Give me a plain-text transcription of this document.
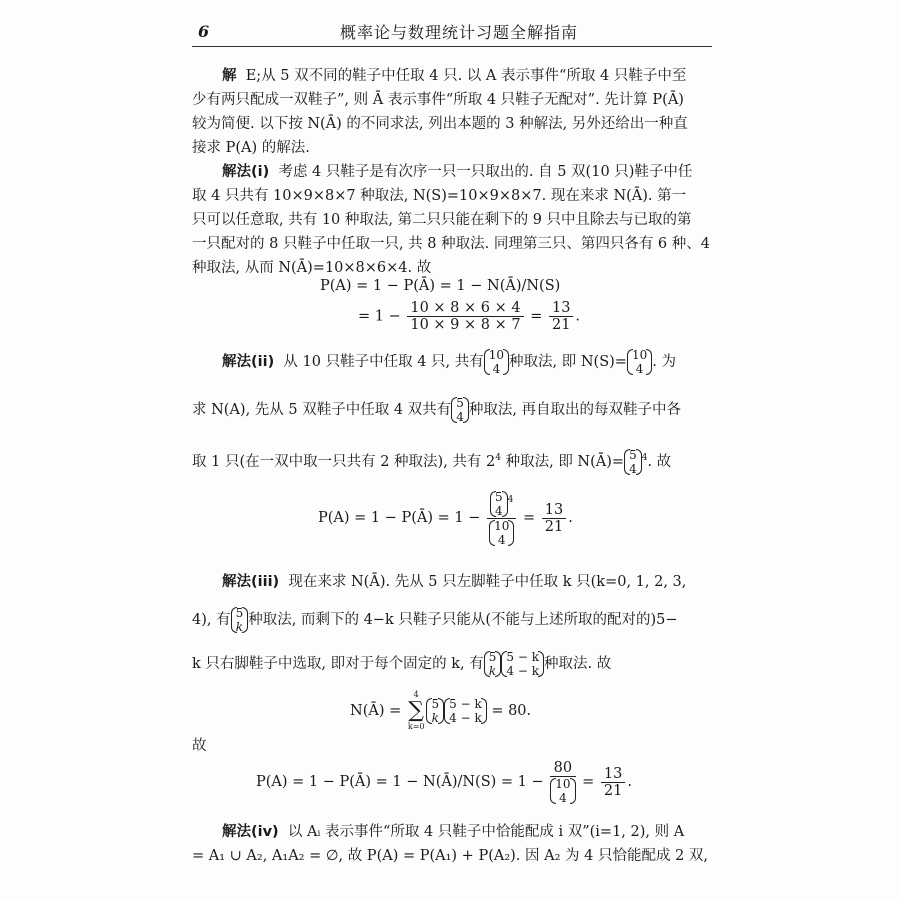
6	概率论与数理统计习题全解指南
解 E;从 5 双不同的鞋子中任取 4 只. 以 A 表示事件“所取 4 只鞋子中至
少有两只配成一双鞋子”, 则 Ā 表示事件“所取 4 只鞋子无配对”. 先计算 P(Ā)
较为简便. 以下按 N(Ā) 的不同求法, 列出本题的 3 种解法, 另外还给出一种直
接求 P(A) 的解法.
解法(i) 考虑 4 只鞋子是有次序一只一只取出的. 自 5 双(10 只)鞋子中任
取 4 只共有 10×9×8×7 种取法, N(S)=10×9×8×7. 现在来求 N(Ā). 第一
只可以任意取, 共有 10 种取法, 第二只只能在剩下的 9 只中且除去与已取的第
一只配对的 8 只鞋子中任取一只, 共 8 种取法. 同理第三只、第四只各有 6 种、4
种取法, 从而 N(Ā)=10×8×6×4. 故
P(A) = 1 − P(Ā) = 1 − N(Ā)/N(S)
= $1 - \frac{10 \times 8 \times 6 \times 4}{10 \times 9 \times 8 \times 7} = \frac{13}{21}$ .
解法(ii) 从 10 只鞋子中任取 4 只, 共有 10
4 种取法, 即 N(S)= 10
4 . 为
求 N(A), 先从 5 双鞋子中任取 4 双共有 5
4 种取法, 再自取出的每双鞋子中各
取 1 只(在一双中取一只共有 2 种取法), 共有 $2^4$ 种取法, 即 N(Ā)= 5
4
$^4$. 故
P(A) = 1 − P(Ā) = 1 − 5
4
$^4$
10
$4 = \frac{13}{21}$ .
解法(iii) 现在来求 N(Ā). 先从 5 只左脚鞋子中任取 k 只(k=0, 1, 2, 3,
4), 有 5
k 种取法, 而剩下的 4−k 只鞋子只能从(不能与上述所取的配对的)5−
k 只右脚鞋子中选取, 即对于每个固定的 k, 有 5
k
5 − k
4 − k 种取法. 故
N(Ā) =
4
∑
k=0
5
k
5 − k
4 − k = 80.
故
P(A) = 1 − P(Ā) = 1 − N(Ā)/N(S) = 1 − 80
10
$4 = \frac{13}{21}$ .
解法(iv) 以 Aᵢ 表示事件“所取 4 只鞋子中恰能配成 i 双”(i=1, 2), 则 A
= A₁ ∪ A₂, A₁A₂ = ∅, 故 P(A) = P(A₁) + P(A₂). 因 A₂ 为 4 只恰能配成 2 双,
